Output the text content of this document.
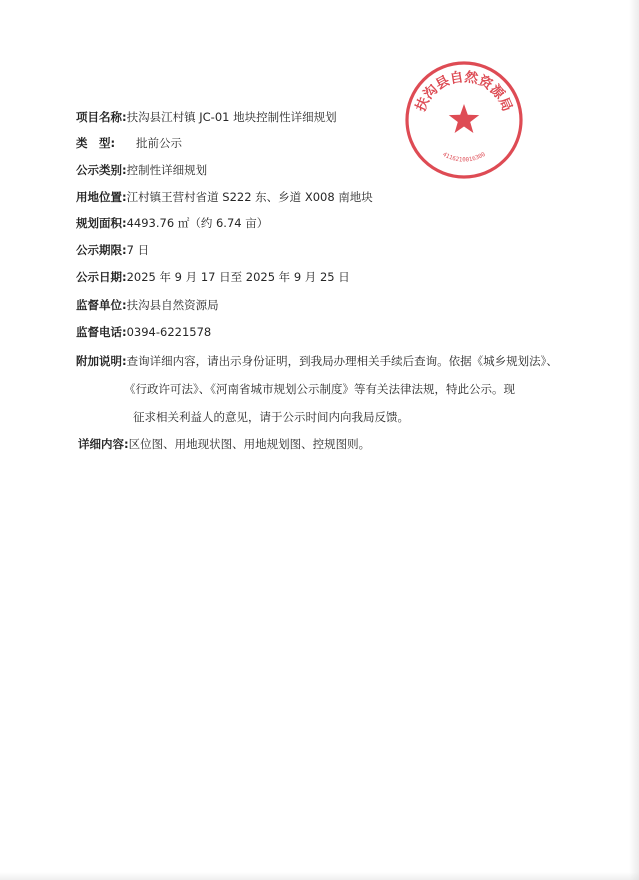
项目名称:扶沟县江村镇 JC-01 地块控制性详细规划
类　型: 批前公示
公示类别:控制性详细规划
用地位置:江村镇王营村省道 S222 东、乡道 X008 南地块
规划面积:4493.76 ㎡（约 6.74 亩）
公示期限:7 日
公示日期:2025 年 9 月 17 日至 2025 年 9 月 25 日
监督单位:扶沟县自然资源局
监督电话:0394-6221578
附加说明:查询详细内容，请出示身份证明，到我局办理相关手续后查询。依据《城乡规划法》、
《行政许可法》、《河南省城市规划公示制度》等有关法律法规，特此公示。现
征求相关利益人的意见，请于公示时间内向我局反馈。
详细内容:区位图、用地现状图、用地规划图、控规图则。
扶沟县自然资源局
4116210016300
